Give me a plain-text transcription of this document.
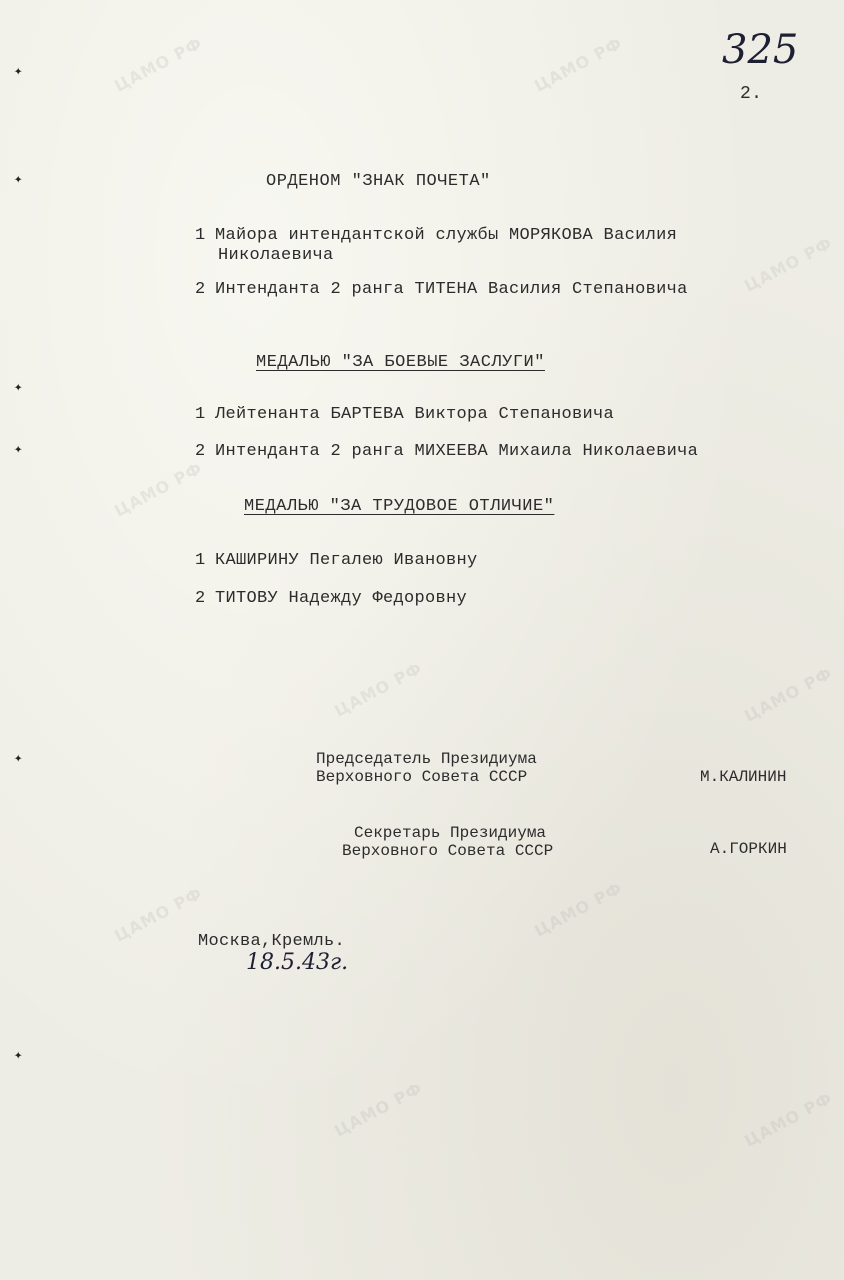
ЦАМО РФ	ЦАМО РФ
ЦАМО РФ
ЦАМО РФ
ЦАМО РФ	ЦАМО РФ
ЦАМО РФ	ЦАМО РФ
ЦАМО РФ	ЦАМО РФ
✦
✦
✦
✦
✦
✦
325
2.
ОРДЕНОМ "ЗНАК ПОЧЕТА"
1 Майора интендантской службы МОРЯКОВА Василия
Николаевича
2 Интенданта 2 ранга ТИТЕНА Василия Степановича
МЕДАЛЬЮ "ЗА БОЕВЫЕ ЗАСЛУГИ"
1 Лейтенанта БАРТЕВА Виктора Степановича
2 Интенданта 2 ранга МИХЕЕВА Михаила Николаевича
МЕДАЛЬЮ "ЗА ТРУДОВОЕ ОТЛИЧИЕ"
1 КАШИРИНУ Пегалею Ивановну
2 ТИТОВУ Надежду Федоровну
Председатель Президиума
Верховного Совета СССР	М.КАЛИНИН
Секретарь Президиума
Верховного Совета СССР	А.ГОРКИН
Москва,Кремль.
18.5.43г.
